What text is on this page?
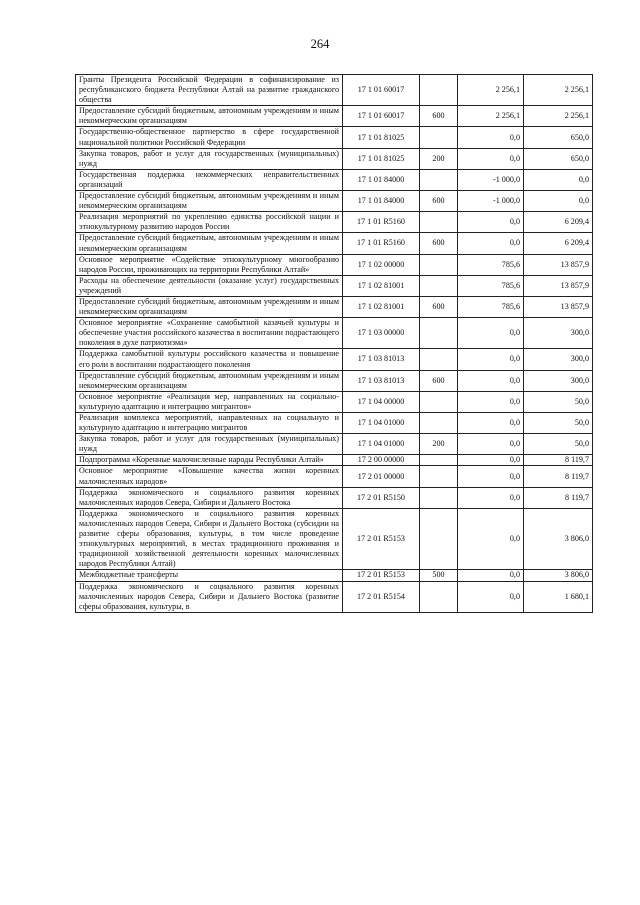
264
Гранты Президента Российской Федерации в софинансирование из республиканского бюджета Республики Алтай на развитие гражданского общества	17 1 01 60017		2 256,1	2 256,1
Предоставление субсидий бюджетным, автономным учреждениям и иным некоммерческим организациям	17 1 01 60017	600	2 256,1	2 256,1
Государственно-общественное партнерство в сфере государственной национальной политики Российской Федерации	17 1 01 81025		0,0	650,0
Закупка товаров, работ и услуг для государственных (муниципальных) нужд	17 1 01 81025	200	0,0	650,0
Государственная поддержка некоммерческих неправительственных организаций	17 1 01 84000		-1 000,0	0,0
Предоставление субсидий бюджетным, автономным учреждениям и иным некоммерческим организациям	17 1 01 84000	600	-1 000,0	0,0
Реализация мероприятий по укреплению единства российской нации и этнокультурному развитию народов России	17 1 01 R5160		0,0	6 209,4
Предоставление субсидий бюджетным, автономным учреждениям и иным некоммерческим организациям	17 1 01 R5160	600	0,0	6 209,4
Основное мероприятие «Содействие этнокультурному многообразию народов России, проживающих на территории Республики Алтай»	17 1 02 00000		785,6	13 857,9
Расходы на обеспечение деятельности (оказание услуг) государственных учреждений	17 1 02 81001		785,6	13 857,9
Предоставление субсидий бюджетным, автономным учреждениям и иным некоммерческим организациям	17 1 02 81001	600	785,6	13 857,9
Основное мероприятие «Сохранение самобытной казачьей культуры и обеспечение участия российского казачества в воспитании подрастающего поколения в духе патриотизма»	17 1 03 00000		0,0	300,0
Поддержка самобытной культуры российского казачества и повышение его роли в воспитании подрастающего поколения	17 1 03 81013		0,0	300,0
Предоставление субсидий бюджетным, автономным учреждениям и иным некоммерческим организациям	17 1 03 81013	600	0,0	300,0
Основное мероприятие «Реализация мер, направленных на социально-культурную адаптацию и интеграцию мигрантов»	17 1 04 00000		0,0	50,0
Реализация комплекса мероприятий, направленных на социальную и культурную адаптацию и интеграцию мигрантов	17 1 04 01000		0,0	50,0
Закупка товаров, работ и услуг для государственных (муниципальных) нужд	17 1 04 01000	200	0,0	50,0
Подпрограмма «Коренные малочисленные народы Республики Алтай»	17 2 00 00000		0,0	8 119,7
Основное мероприятие «Повышение качества жизни коренных малочисленных народов»	17 2 01 00000		0,0	8 119,7
Поддержка экономического и социального развития коренных малочисленных народов Севера, Сибири и Дальнего Востока	17 2 01 R5150		0,0	8 119,7
Поддержка экономического и социального развития коренных малочисленных народов Севера, Сибири и Дальнего Востока (субсидии на развитие сферы образования, культуры, в том числе проведение этнокультурных мероприятий, в местах традиционного проживания и традиционной хозяйственной деятельности коренных малочисленных народов Республики Алтай)	17 2 01 R5153		0,0	3 806,0
Межбюджетные трансферты	17 2 01 R5153	500	0,0	3 806,0
Поддержка экономического и социального развития коренных малочисленных народов Севера, Сибири и Дальнего Востока (развитие сферы образования, культуры, в	17 2 01 R5154		0,0	1 680,1
